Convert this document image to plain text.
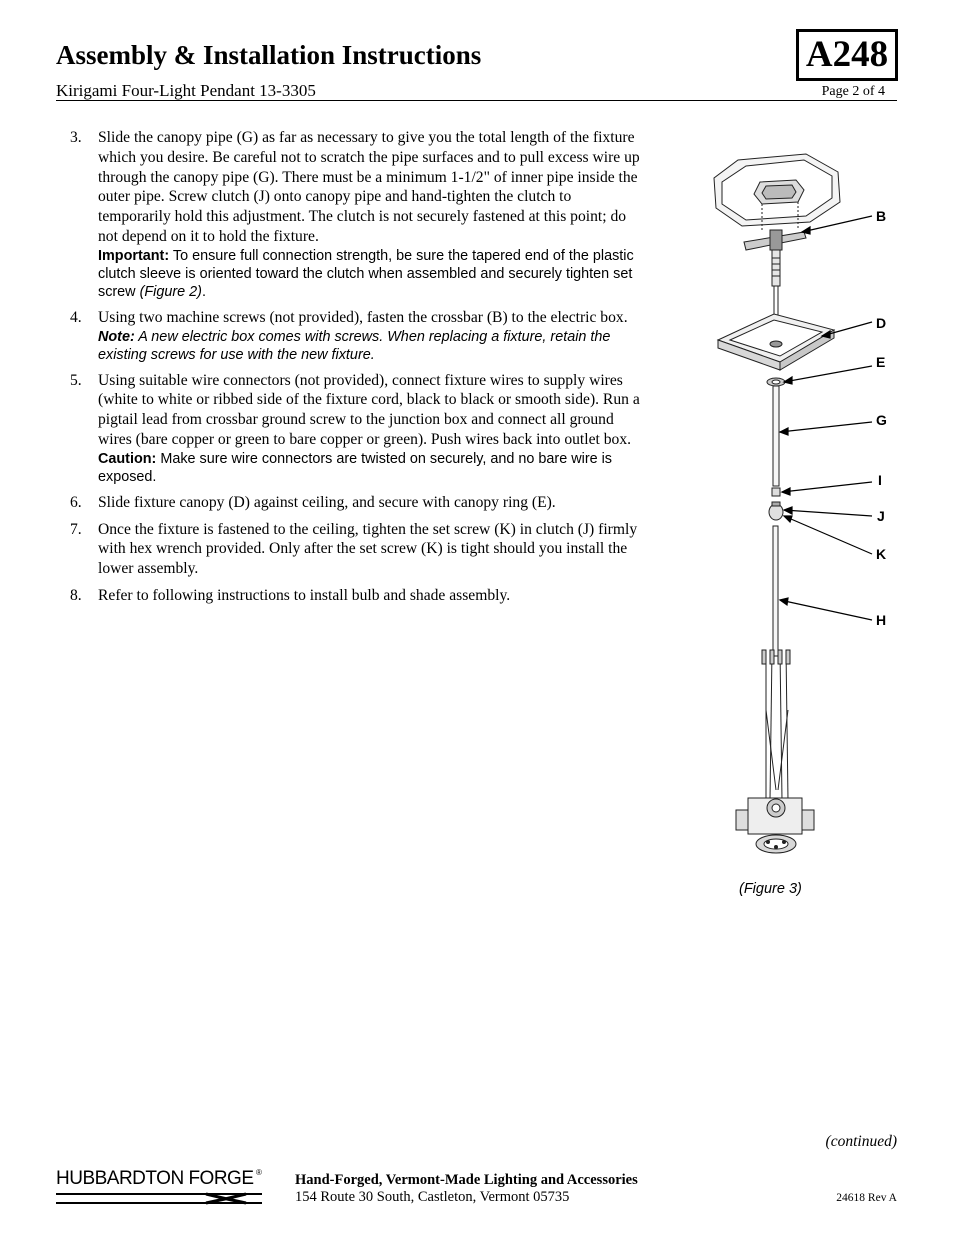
Assembly & Installation Instructions	A248
Kirigami Four-Light Pendant 13-3305	Page 2 of 4
3. Slide the canopy pipe (G) as far as necessary to give you the total length of the fixture which you desire. Be careful not to scratch the pipe surfaces and to pull excess wire up through the canopy pipe (G). There must be a minimum 1-1/2" of inner pipe inside the outer pipe. Screw clutch (J) onto canopy pipe and hand-tighten the clutch to temporarily hold this adjustment. The clutch is not securely fastened at this point; do not depend on it to hold the fixture.
Important: To ensure full connection strength, be sure the tapered end of the plastic clutch sleeve is oriented toward the clutch when assembled and securely tighten set screw (Figure 2).
4. Using two machine screws (not provided), fasten the crossbar (B) to the electric box.
Note: A new electric box comes with screws. When replacing a fixture, retain the existing screws for use with the new fixture.
5. Using suitable wire connectors (not provided), connect fixture wires to supply wires (white to white or ribbed side of the fixture cord, black to black or smooth side). Run a pigtail lead from crossbar ground screw to the junction box and connect all ground wires (bare copper or green to bare copper or green). Push wires back into outlet box.
Caution: Make sure wire connectors are twisted on securely, and no bare wire is exposed.
6. Slide fixture canopy (D) against ceiling, and secure with canopy ring (E).
7. Once the fixture is fastened to the ceiling, tighten the set screw (K) in clutch (J) firmly with hex wrench provided. Only after the set screw (K) is tight should you install the lower assembly.
8. Refer to following instructions to install bulb and shade assembly.
B
D
E
G
I
J
K
H
(Figure 3)
(continued)
HUBBARDTON FORGE ® Hand-Forged, Vermont-Made Lighting and Accessories
154 Route 30 South, Castleton, Vermont 05735	24618 Rev A
